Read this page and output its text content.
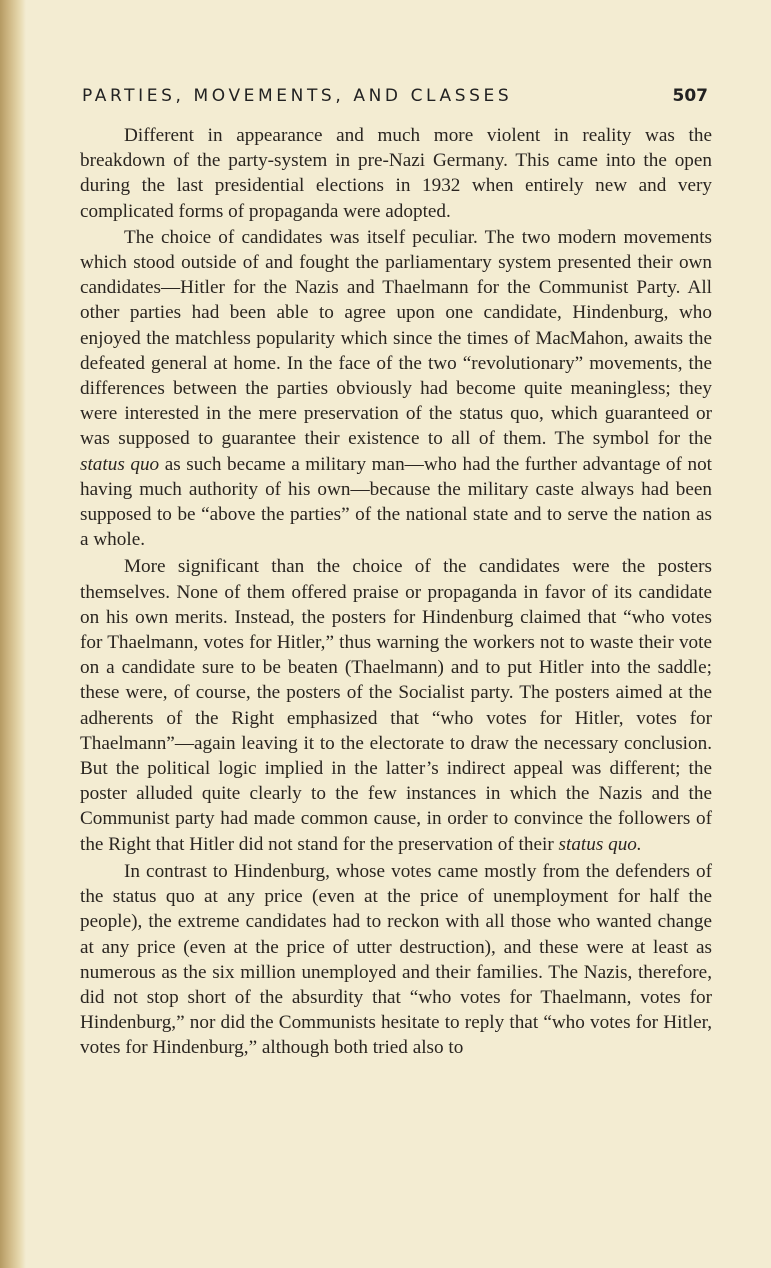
PARTIES, MOVEMENTS, AND CLASSES	507

Different in appearance and much more violent in reality was the breakdown of the party-system in pre-Nazi Germany. This came into the open during the last presidential elections in 1932 when entirely new and very complicated forms of propaganda were adopted.

The choice of candidates was itself peculiar. The two modern movements which stood outside of and fought the parliamentary system presented their own candidates—Hitler for the Nazis and Thaelmann for the Communist Party. All other parties had been able to agree upon one candidate, Hindenburg, who enjoyed the matchless popularity which since the times of MacMahon, awaits the defeated general at home. In the face of the two “revolutionary” movements, the differences between the parties obviously had become quite meaningless; they were interested in the mere preservation of the status quo, which guaranteed or was supposed to guarantee their existence to all of them. The symbol for the status quo as such became a military man—who had the further advantage of not having much authority of his own—because the military caste always had been supposed to be “above the parties” of the national state and to serve the nation as a whole.

More significant than the choice of the candidates were the posters themselves. None of them offered praise or propaganda in favor of its candidate on his own merits. Instead, the posters for Hindenburg claimed that “who votes for Thaelmann, votes for Hitler,” thus warning the workers not to waste their vote on a candidate sure to be beaten (Thaelmann) and to put Hitler into the saddle; these were, of course, the posters of the Socialist party. The posters aimed at the adherents of the Right emphasized that “who votes for Hitler, votes for Thaelmann”—again leaving it to the electorate to draw the necessary conclusion. But the political logic implied in the latter’s indirect appeal was different; the poster alluded quite clearly to the few instances in which the Nazis and the Communist party had made common cause, in order to convince the followers of the Right that Hitler did not stand for the preservation of their status quo.

In contrast to Hindenburg, whose votes came mostly from the defenders of the status quo at any price (even at the price of unemployment for half the people), the extreme candidates had to reckon with all those who wanted change at any price (even at the price of utter destruction), and these were at least as numerous as the six million unemployed and their families. The Nazis, therefore, did not stop short of the absurdity that “who votes for Thaelmann, votes for Hindenburg,” nor did the Communists hesitate to reply that “who votes for Hitler, votes for Hindenburg,” although both tried also to
